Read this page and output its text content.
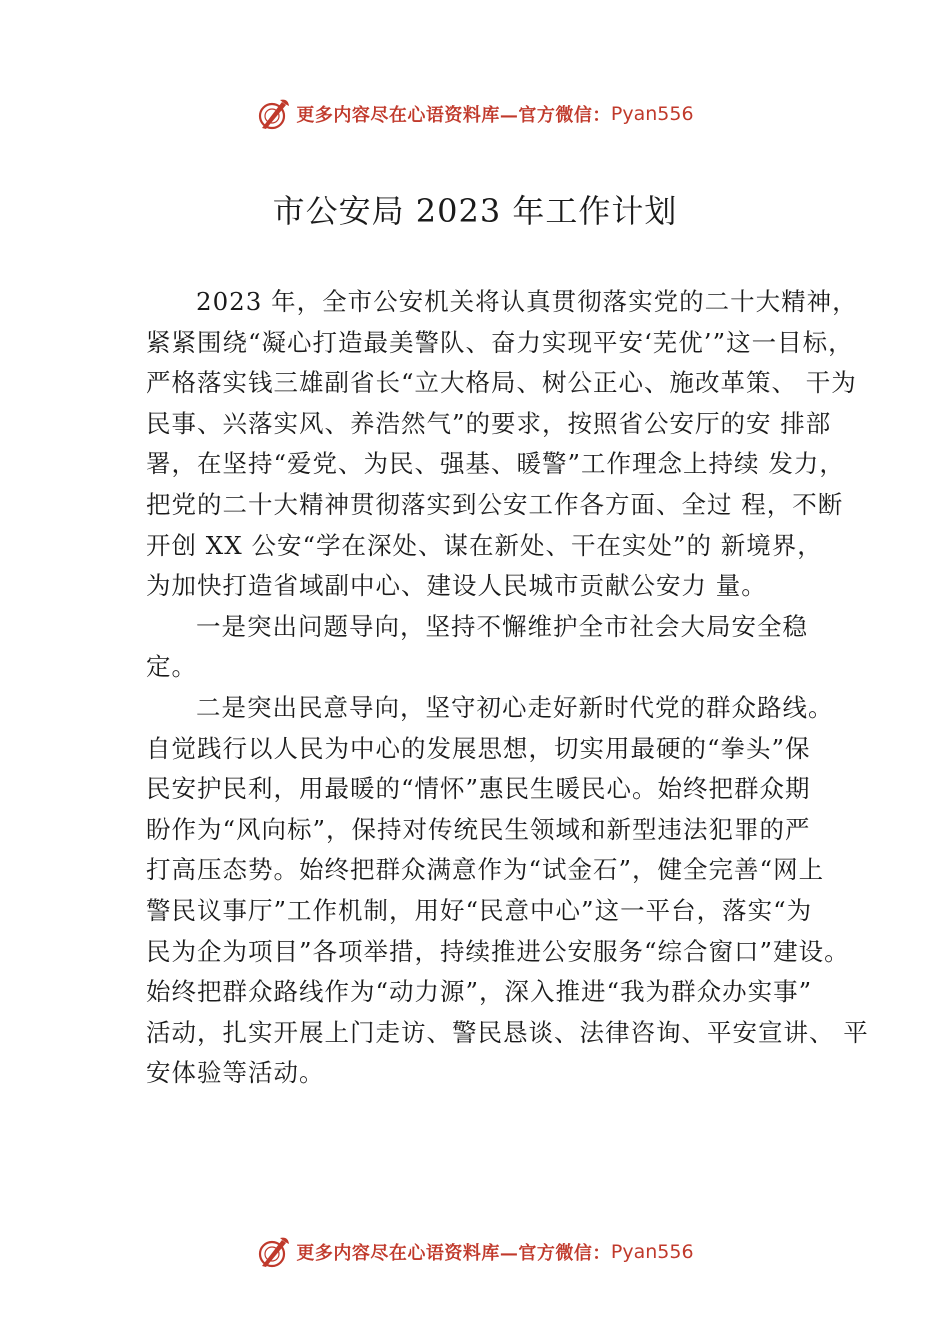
更多内容尽在心语资料库—官方微信： Pyan556
市公安局 2023 年工作计划
2023 年，全市公安机关将认真贯彻落实党的二十大精神，
紧紧围绕“凝心打造最美警队、奋力实现平安‘芜优’”这一目标，
严格落实钱三雄副省长“立大格局、树公正心、施改革策、 干为
民事、兴落实风、养浩然气”的要求，按照省公安厅的安 排部
署，在坚持“爱党、为民、强基、暖警”工作理念上持续 发力，
把党的二十大精神贯彻落实到公安工作各方面、全过 程，不断
开创 XX 公安“学在深处、谋在新处、干在实处”的 新境界，
为加快打造省域副中心、建设人民城市贡献公安力 量。
一是突出问题导向，坚持不懈维护全市社会大局安全稳
定。
二是突出民意导向，坚守初心走好新时代党的群众路线。
自觉践行以人民为中心的发展思想，切实用最硬的“拳头”保
民安护民利，用最暖的“情怀”惠民生暖民心。始终把群众期
盼作为“风向标”，保持对传统民生领域和新型违法犯罪的严
打高压态势。始终把群众满意作为“试金石”，健全完善“网上
警民议事厅”工作机制，用好“民意中心”这一平台，落实“为
民为企为项目”各项举措，持续推进公安服务“综合窗口”建设。
始终把群众路线作为“动力源”，深入推进“我为群众办实事”
活动，扎实开展上门走访、警民恳谈、法律咨询、平安宣讲、 平
安体验等活动。
更多内容尽在心语资料库—官方微信： Pyan556
